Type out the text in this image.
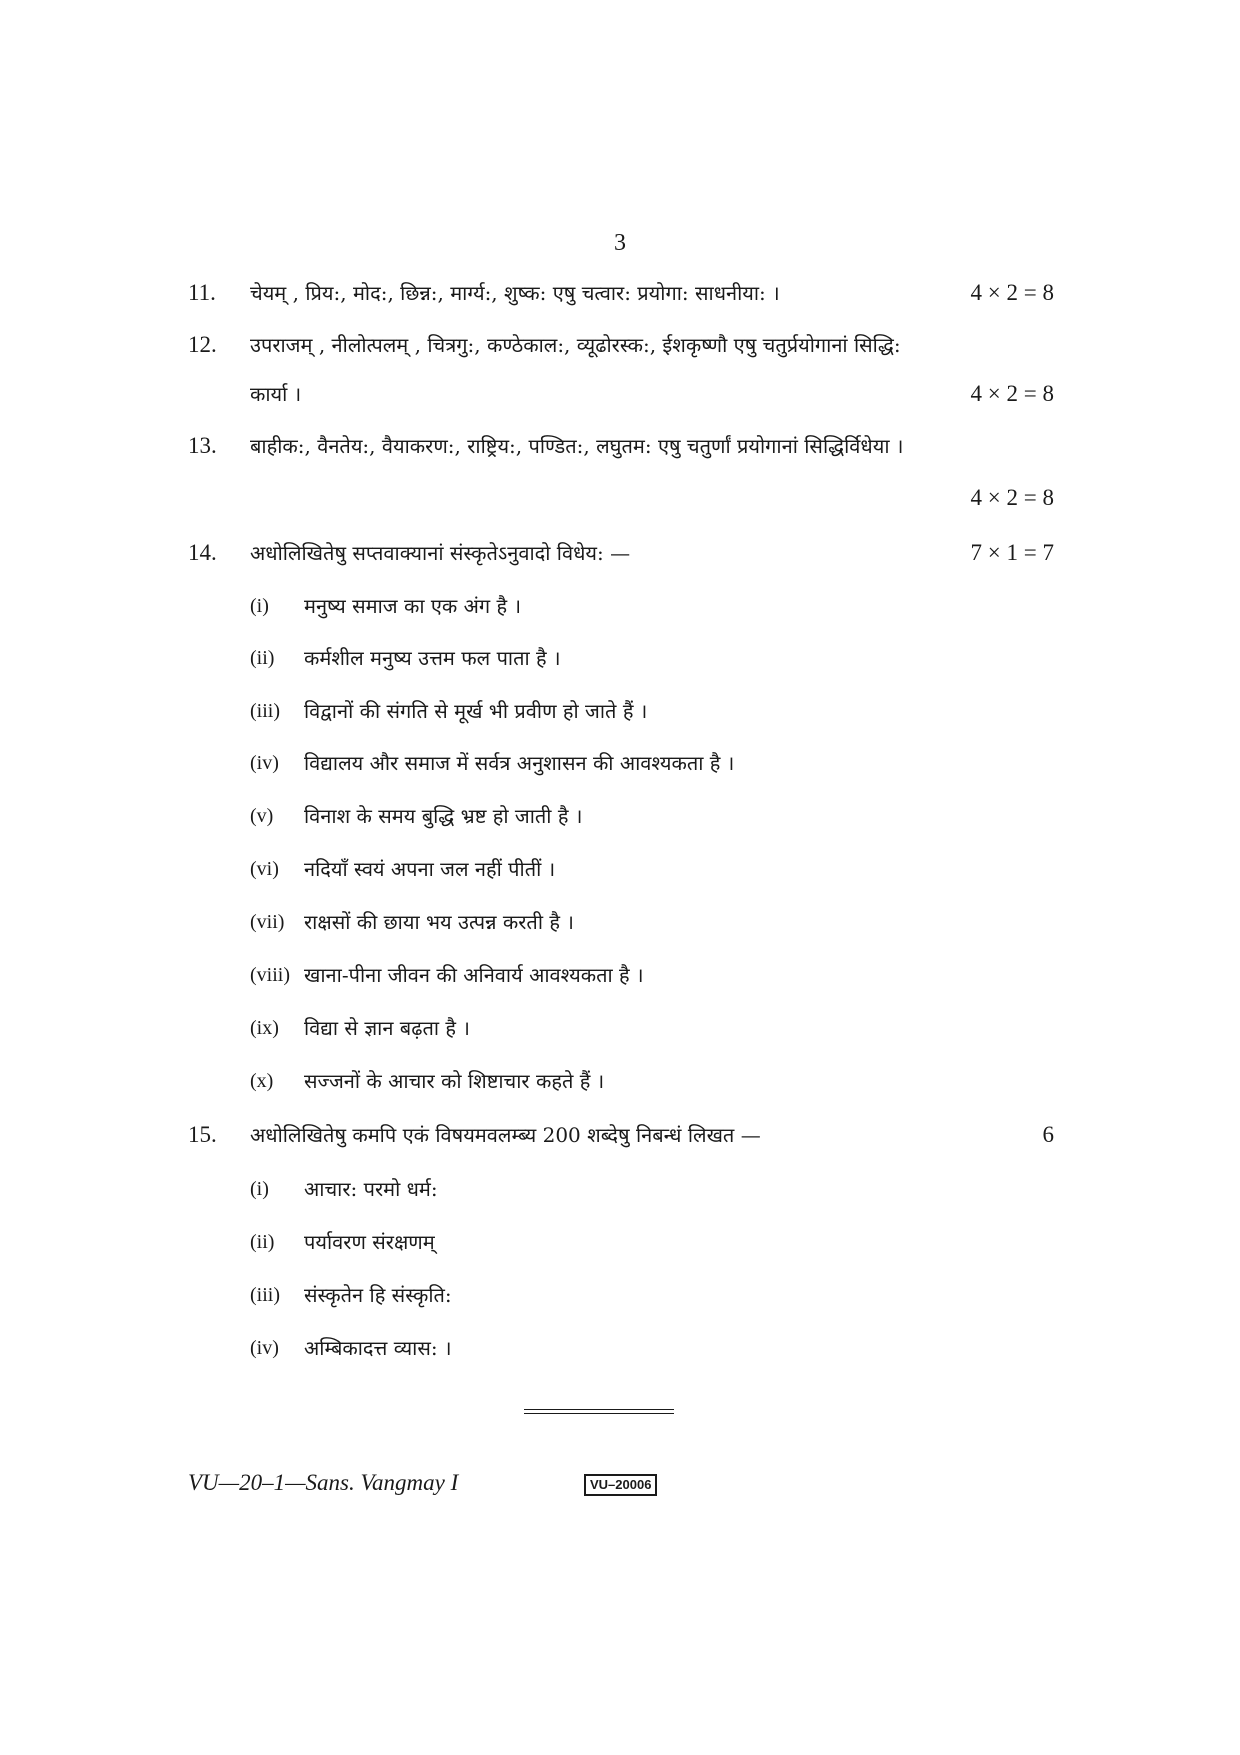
3
11. चेयम् , प्रिय:, मोद:, छिन्न:, मार्ग्य:, शुष्क: एषु चत्वार: प्रयोगा: साधनीया: ।	4 × 2 = 8
12. उपराजम् , नीलोत्पलम् , चित्रगु:, कण्ठेकाल:, व्यूढोरस्क:, ईशकृष्णौ एषु चतुर्प्रयोगानां सिद्धि:
कार्या ।	4 × 2 = 8
13. बाहीक:, वैनतेय:, वैयाकरण:, राष्ट्रिय:, पण्डित:, लघुतम: एषु चतुर्णां प्रयोगानां सिद्धिर्विधेया ।
4 × 2 = 8
14. अधोलिखितेषु सप्तवाक्यानां संस्कृतेऽनुवादो विधेय: —	7 × 1 = 7
(i) मनुष्य समाज का एक अंग है ।
(ii) कर्मशील मनुष्य उत्तम फल पाता है ।
(iii) विद्वानों की संगति से मूर्ख भी प्रवीण हो जाते हैं ।
(iv) विद्यालय और समाज में सर्वत्र अनुशासन की आवश्यकता है ।
(v) विनाश के समय बुद्धि भ्रष्ट हो जाती है ।
(vi) नदियाँ स्वयं अपना जल नहीं पीतीं ।
(vii) राक्षसों की छाया भय उत्पन्न करती है ।
(viii) खाना-पीना जीवन की अनिवार्य आवश्यकता है ।
(ix) विद्या से ज्ञान बढ़ता है ।
(x) सज्जनों के आचार को शिष्टाचार कहते हैं ।
15. अधोलिखितेषु कमपि एकं विषयमवलम्ब्य 200 शब्देषु निबन्धं लिखत —	6
(i) आचार: परमो धर्म:
(ii) पर्यावरण संरक्षणम्
(iii) संस्कृतेन हि संस्कृति:
(iv) अम्बिकादत्त व्यास: ।
VU—20–1—Sans. Vangmay I	VU–20006
